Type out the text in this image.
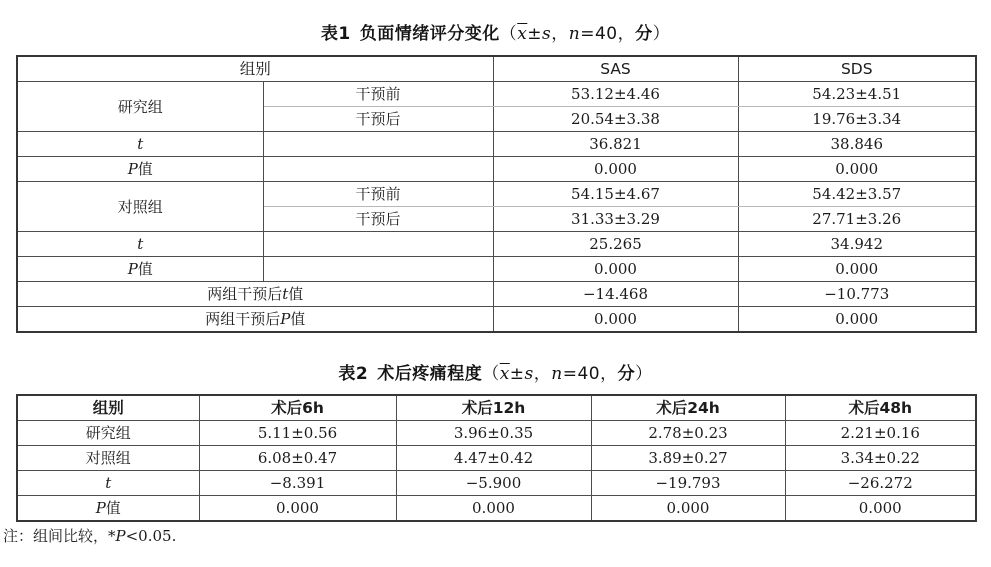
表1 负面情绪评分变化（$\overline{x}\pm s$，n=40，分）
组别		SAS	SDS
研究组	干预前	53.12±4.46	54.23±4.51
	干预后	20.54±3.38	19.76±3.34
t		36.821	38.846
P值		0.000	0.000
对照组	干预前	54.15±4.67	54.42±3.57
	干预后	31.33±3.29	27.71±3.26
t		25.265	34.942
P值		0.000	0.000
两组干预后t值		−14.468	−10.773
两组干预后P值		0.000	0.000
表2 术后疼痛程度（$\overline{x}\pm s$，n=40，分）
组别	术后6h	术后12h	术后24h	术后48h
研究组	5.11±0.56	3.96±0.35	2.78±0.23	2.21±0.16
对照组	6.08±0.47	4.47±0.42	3.89±0.27	3.34±0.22
t	−8.391	−5.900	−19.793	−26.272
P值	0.000	0.000	0.000	0.000
注：组间比较，*P<0.05.
